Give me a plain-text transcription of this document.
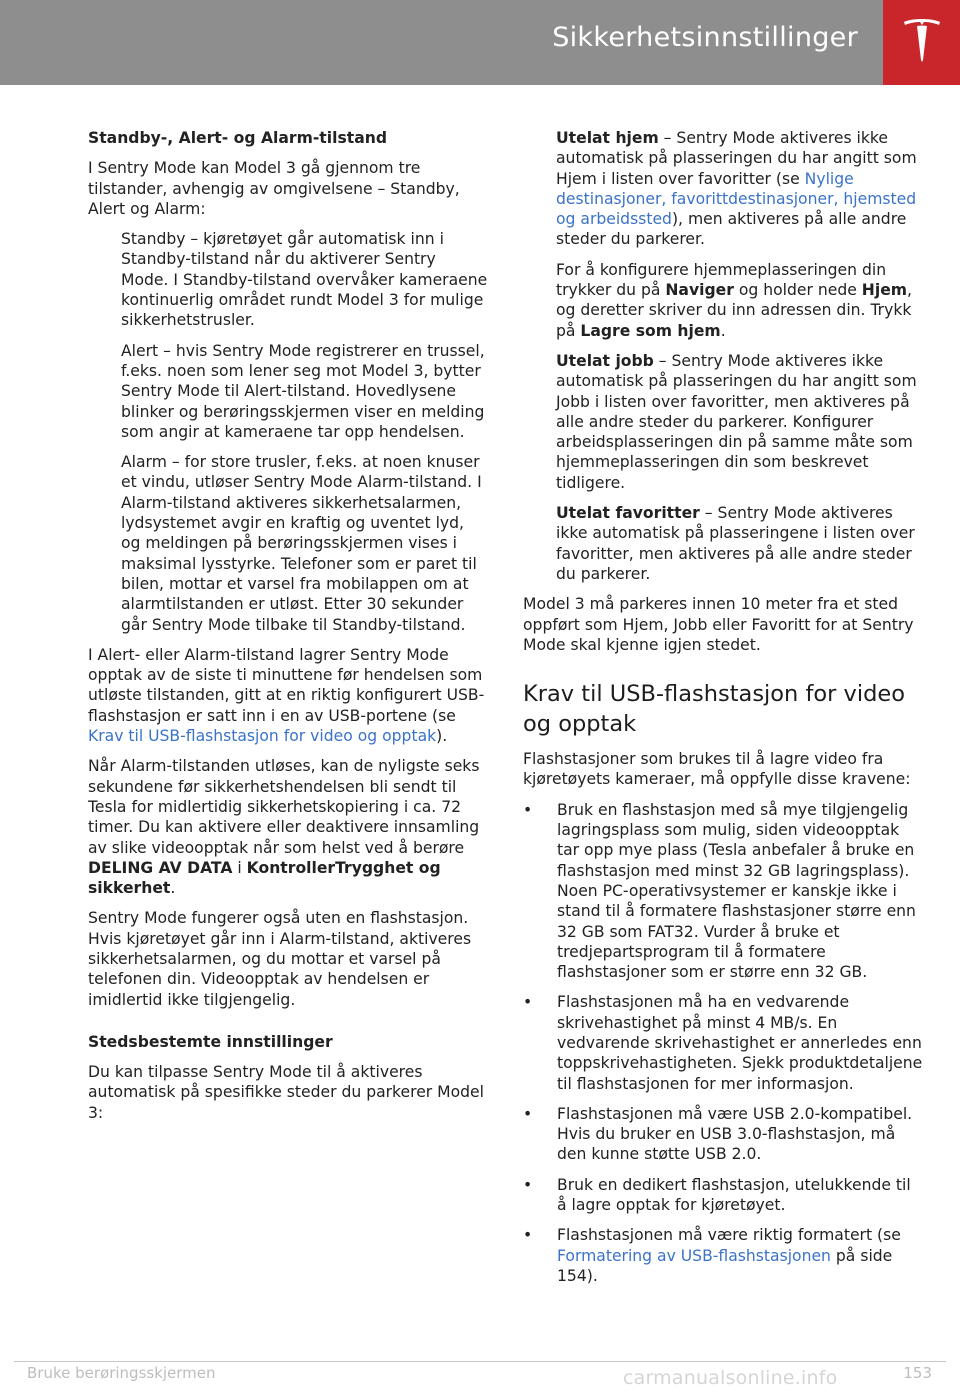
Sikkerhetsinnstillinger
Standby-, Alert- og Alarm-tilstand

I Sentry Mode kan Model 3 gå gjennom tre tilstander, avhengig av omgivelsene – Standby, Alert og Alarm:

Standby – kjøretøyet går automatisk inn i Standby-tilstand når du aktiverer Sentry Mode. I Standby-tilstand overvåker kameraene kontinuerlig området rundt Model 3 for mulige sikkerhetstrusler.

Alert – hvis Sentry Mode registrerer en trussel, f.eks. noen som lener seg mot Model 3, bytter Sentry Mode til Alert-tilstand. Hovedlysene blinker og berøringsskjermen viser en melding som angir at kameraene tar opp hendelsen.

Alarm – for store trusler, f.eks. at noen knuser et vindu, utløser Sentry Mode Alarm-tilstand. I Alarm-tilstand aktiveres sikkerhetsalarmen, lydsystemet avgir en kraftig og uventet lyd, og meldingen på berøringsskjermen vises i maksimal lysstyrke. Telefoner som er paret til bilen, mottar et varsel fra mobilappen om at alarmtilstanden er utløst. Etter 30 sekunder går Sentry Mode tilbake til Standby-tilstand.

I Alert- eller Alarm-tilstand lagrer Sentry Mode opptak av de siste ti minuttene før hendelsen som utløste tilstanden, gitt at en riktig konfigurert USB-flashstasjon er satt inn i en av USB-portene (se Krav til USB-flashstasjon for video og opptak).

Når Alarm-tilstanden utløses, kan de nyligste seks sekundene før sikkerhetshendelsen bli sendt til Tesla for midlertidig sikkerhetskopiering i ca. 72 timer. Du kan aktivere eller deaktivere innsamling av slike videoopptak når som helst ved å berøre DELING AV DATA i KontrollerTrygghet og sikkerhet.

Sentry Mode fungerer også uten en flashstasjon. Hvis kjøretøyet går inn i Alarm-tilstand, aktiveres sikkerhetsalarmen, og du mottar et varsel på telefonen din. Videoopptak av hendelsen er imidlertid ikke tilgjengelig.

Stedsbestemte innstillinger

Du kan tilpasse Sentry Mode til å aktiveres automatisk på spesifikke steder du parkerer Model 3:

Utelat hjem – Sentry Mode aktiveres ikke automatisk på plasseringen du har angitt som Hjem i listen over favoritter (se Nylige destinasjoner, favorittdestinasjoner, hjemsted og arbeidssted), men aktiveres på alle andre steder du parkerer.

For å konfigurere hjemmeplasseringen din trykker du på Naviger og holder nede Hjem, og deretter skriver du inn adressen din. Trykk på Lagre som hjem.

Utelat jobb – Sentry Mode aktiveres ikke automatisk på plasseringen du har angitt som Jobb i listen over favoritter, men aktiveres på alle andre steder du parkerer. Konfigurer arbeidsplasseringen din på samme måte som hjemmeplasseringen din som beskrevet tidligere.

Utelat favoritter – Sentry Mode aktiveres ikke automatisk på plasseringene i listen over favoritter, men aktiveres på alle andre steder du parkerer.

Model 3 må parkeres innen 10 meter fra et sted oppført som Hjem, Jobb eller Favoritt for at Sentry Mode skal kjenne igjen stedet.

Krav til USB-flashstasjon for video og opptak

Flashstasjoner som brukes til å lagre video fra kjøretøyets kameraer, må oppfylle disse kravene:

• Bruk en flashstasjon med så mye tilgjengelig lagringsplass som mulig, siden videoopptak tar opp mye plass (Tesla anbefaler å bruke en flashstasjon med minst 32 GB lagringsplass). Noen PC-operativsystemer er kanskje ikke i stand til å formatere flashstasjoner større enn 32 GB som FAT32. Vurder å bruke et tredjepartsprogram til å formatere flashstasjoner som er større enn 32 GB.
• Flashstasjonen må ha en vedvarende skrivehastighet på minst 4 MB/s. En vedvarende skrivehastighet er annerledes enn toppskrivehastigheten. Sjekk produktdetaljene til flashstasjonen for mer informasjon.
• Flashstasjonen må være USB 2.0-kompatibel. Hvis du bruker en USB 3.0-flashstasjon, må den kunne støtte USB 2.0.
• Bruk en dedikert flashstasjon, utelukkende til å lagre opptak for kjøretøyet.
• Flashstasjonen må være riktig formatert (se Formatering av USB-flashstasjonen på side 154).
Bruke berøringsskjermen	carmanualsonline.info	153
